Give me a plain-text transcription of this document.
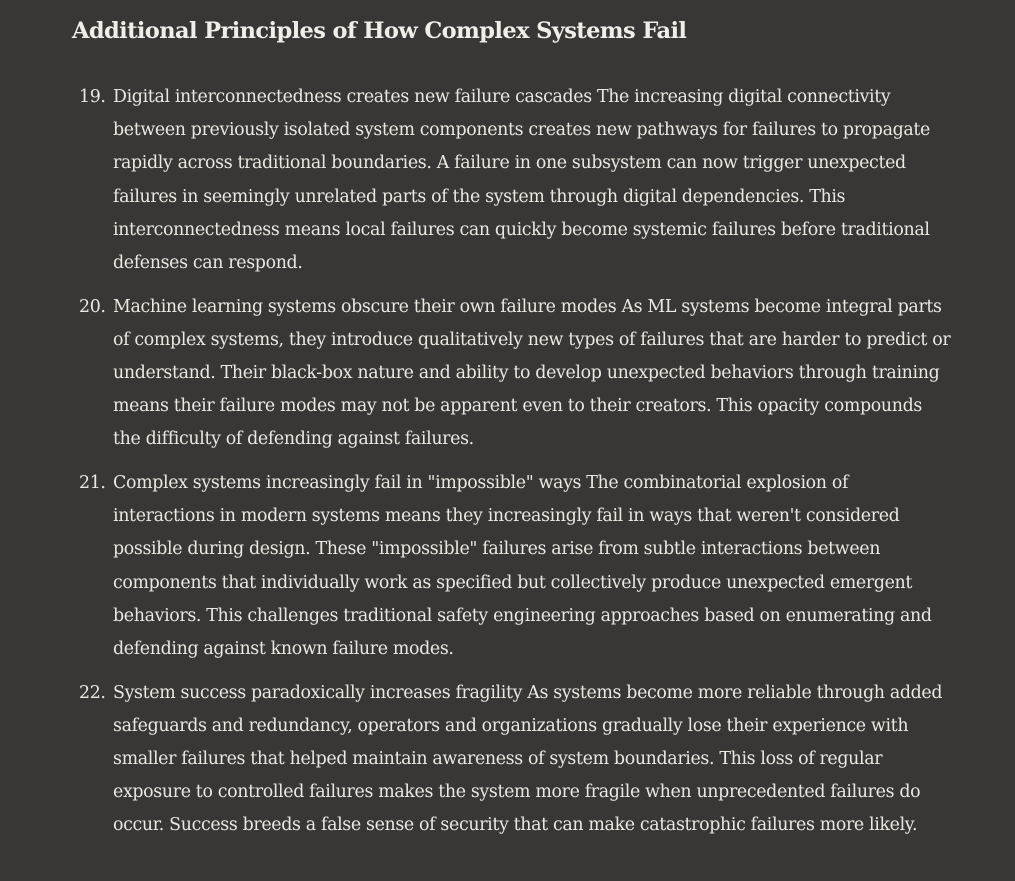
Additional Principles of How Complex Systems Fail
19. Digital interconnectedness creates new failure cascades The increasing digital connectivity between previously isolated system components creates new pathways for failures to propagate rapidly across traditional boundaries. A failure in one subsystem can now trigger unexpected failures in seemingly unrelated parts of the system through digital dependencies. This interconnectedness means local failures can quickly become systemic failures before traditional defenses can respond.
20. Machine learning systems obscure their own failure modes As ML systems become integral parts of complex systems, they introduce qualitatively new types of failures that are harder to predict or understand. Their black-box nature and ability to develop unexpected behaviors through training means their failure modes may not be apparent even to their creators. This opacity compounds the difficulty of defending against failures.
21. Complex systems increasingly fail in "impossible" ways The combinatorial explosion of interactions in modern systems means they increasingly fail in ways that weren't considered possible during design. These "impossible" failures arise from subtle interactions between components that individually work as specified but collectively produce unexpected emergent behaviors. This challenges traditional safety engineering approaches based on enumerating and defending against known failure modes.
22. System success paradoxically increases fragility As systems become more reliable through added safeguards and redundancy, operators and organizations gradually lose their experience with smaller failures that helped maintain awareness of system boundaries. This loss of regular exposure to controlled failures makes the system more fragile when unprecedented failures do occur. Success breeds a false sense of security that can make catastrophic failures more likely.
